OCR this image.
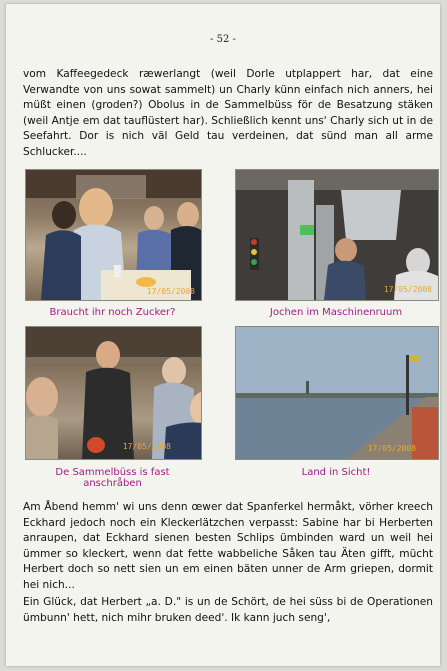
- 52 -

vom Kaffeegedeck ræwerlangt (weil Dorle utplappert har, dat eine Verwandte von uns sowat sammelt) un Charly künn einfach nich anners, hei müßt einen (groden?) Obolus in de Sammelbüss för de Besatzung stäken (weil Antje em dat tauflüstert har). Schließlich kennt uns' Charly sich ut in de Seefahrt. Dor is nich väl Geld tau verdeinen, dat sünd man all arme Schlucker....

17/05/2008	17/05/2008
17/05/2008	17/05/2008
Braucht ihr noch Zucker?	Jochen im Maschinenruum
De Sammelbüss is fast anschråben
Land in Sicht!

Am Åbend hemm' wi uns denn œwer dat Spanferkel hermåkt, vörher kreech Eckhard jedoch noch ein Kleckerlätzchen verpasst: Sabine har bi Herberten anraupen, dat Eckhard sienen besten Schlips ümbinden ward un weil hei ümmer so kleckert, wenn dat fette wabbeliche Såken tau Äten gifft, mücht Herbert doch so nett sien un em einen bäten unner de Arm griepen, dormit hei nich...

Ein Glück, dat Herbert „a. D." is un de Schört, de hei süss bi de Operationen ümbunn' hett, nich mihr bruken deed'. Ik kann juch seng',
